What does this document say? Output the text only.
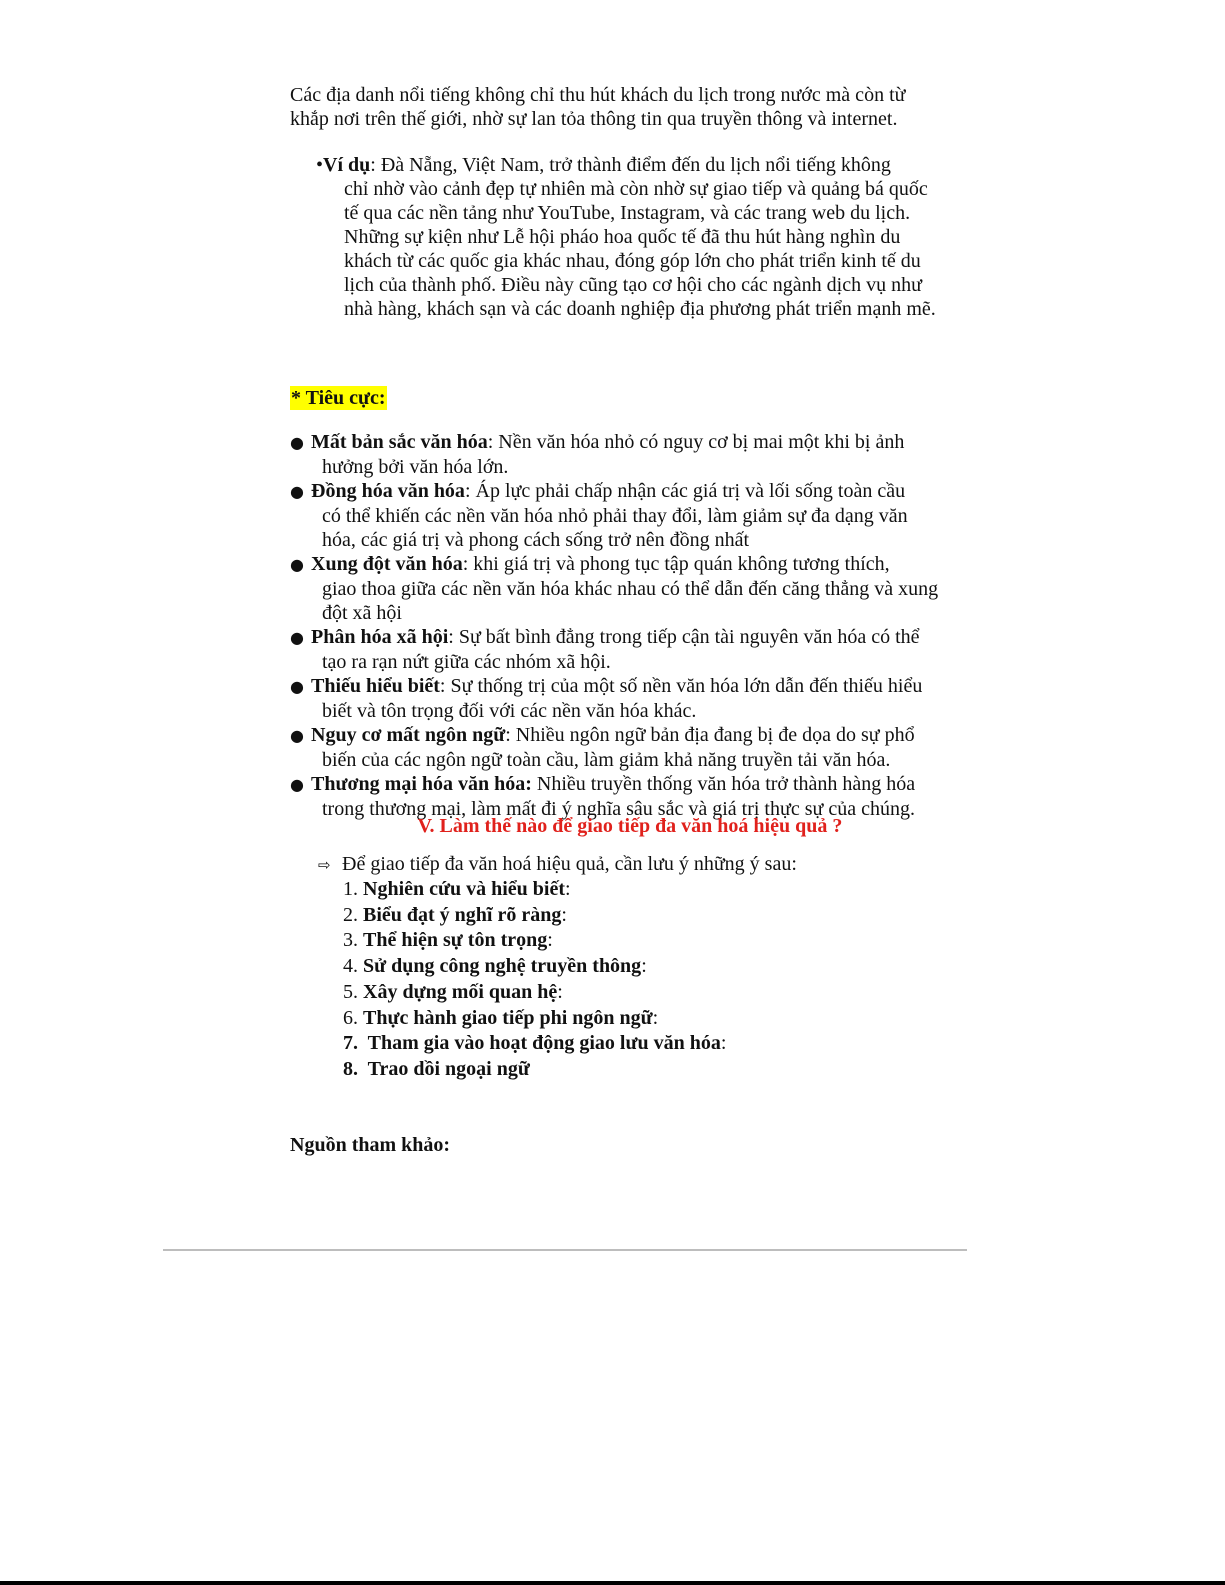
Các địa danh nổi tiếng không chỉ thu hút khách du lịch trong nước mà còn từ
khắp nơi trên thế giới, nhờ sự lan tỏa thông tin qua truyền thông và internet.

•Ví dụ: Đà Nẵng, Việt Nam, trở thành điểm đến du lịch nổi tiếng không
chỉ nhờ vào cảnh đẹp tự nhiên mà còn nhờ sự giao tiếp và quảng bá quốc
tế qua các nền tảng như YouTube, Instagram, và các trang web du lịch.
Những sự kiện như Lễ hội pháo hoa quốc tế đã thu hút hàng nghìn du
khách từ các quốc gia khác nhau, đóng góp lớn cho phát triển kinh tế du
lịch của thành phố. Điều này cũng tạo cơ hội cho các ngành dịch vụ như
nhà hàng, khách sạn và các doanh nghiệp địa phương phát triển mạnh mẽ.

* Tiêu cực:

● Mất bản sắc văn hóa: Nền văn hóa nhỏ có nguy cơ bị mai một khi bị ảnh
hưởng bởi văn hóa lớn.
● Đồng hóa văn hóa: Áp lực phải chấp nhận các giá trị và lối sống toàn cầu
có thể khiến các nền văn hóa nhỏ phải thay đổi, làm giảm sự đa dạng văn
hóa, các giá trị và phong cách sống trở nên đồng nhất
● Xung đột văn hóa: khi giá trị và phong tục tập quán không tương thích,
giao thoa giữa các nền văn hóa khác nhau có thể dẫn đến căng thẳng và xung
đột xã hội
● Phân hóa xã hội: Sự bất bình đẳng trong tiếp cận tài nguyên văn hóa có thể
tạo ra rạn nứt giữa các nhóm xã hội.
● Thiếu hiểu biết: Sự thống trị của một số nền văn hóa lớn dẫn đến thiếu hiểu
biết và tôn trọng đối với các nền văn hóa khác.
● Nguy cơ mất ngôn ngữ: Nhiều ngôn ngữ bản địa đang bị đe dọa do sự phổ
biến của các ngôn ngữ toàn cầu, làm giảm khả năng truyền tải văn hóa.
● Thương mại hóa văn hóa: Nhiều truyền thống văn hóa trở thành hàng hóa
trong thương mại, làm mất đi ý nghĩa sâu sắc và giá trị thực sự của chúng.

V. Làm thế nào để giao tiếp đa văn hoá hiệu quả ?

⇨ Để giao tiếp đa văn hoá hiệu quả, cần lưu ý những ý sau:

1. Nghiên cứu và hiểu biết:
2. Biểu đạt ý nghĩ rõ ràng:
3. Thể hiện sự tôn trọng:
4. Sử dụng công nghệ truyền thông:
5. Xây dựng mối quan hệ:
6. Thực hành giao tiếp phi ngôn ngữ:
7.  Tham gia vào hoạt động giao lưu văn hóa:
8.  Trao dồi ngoại ngữ

Nguồn tham khảo:
